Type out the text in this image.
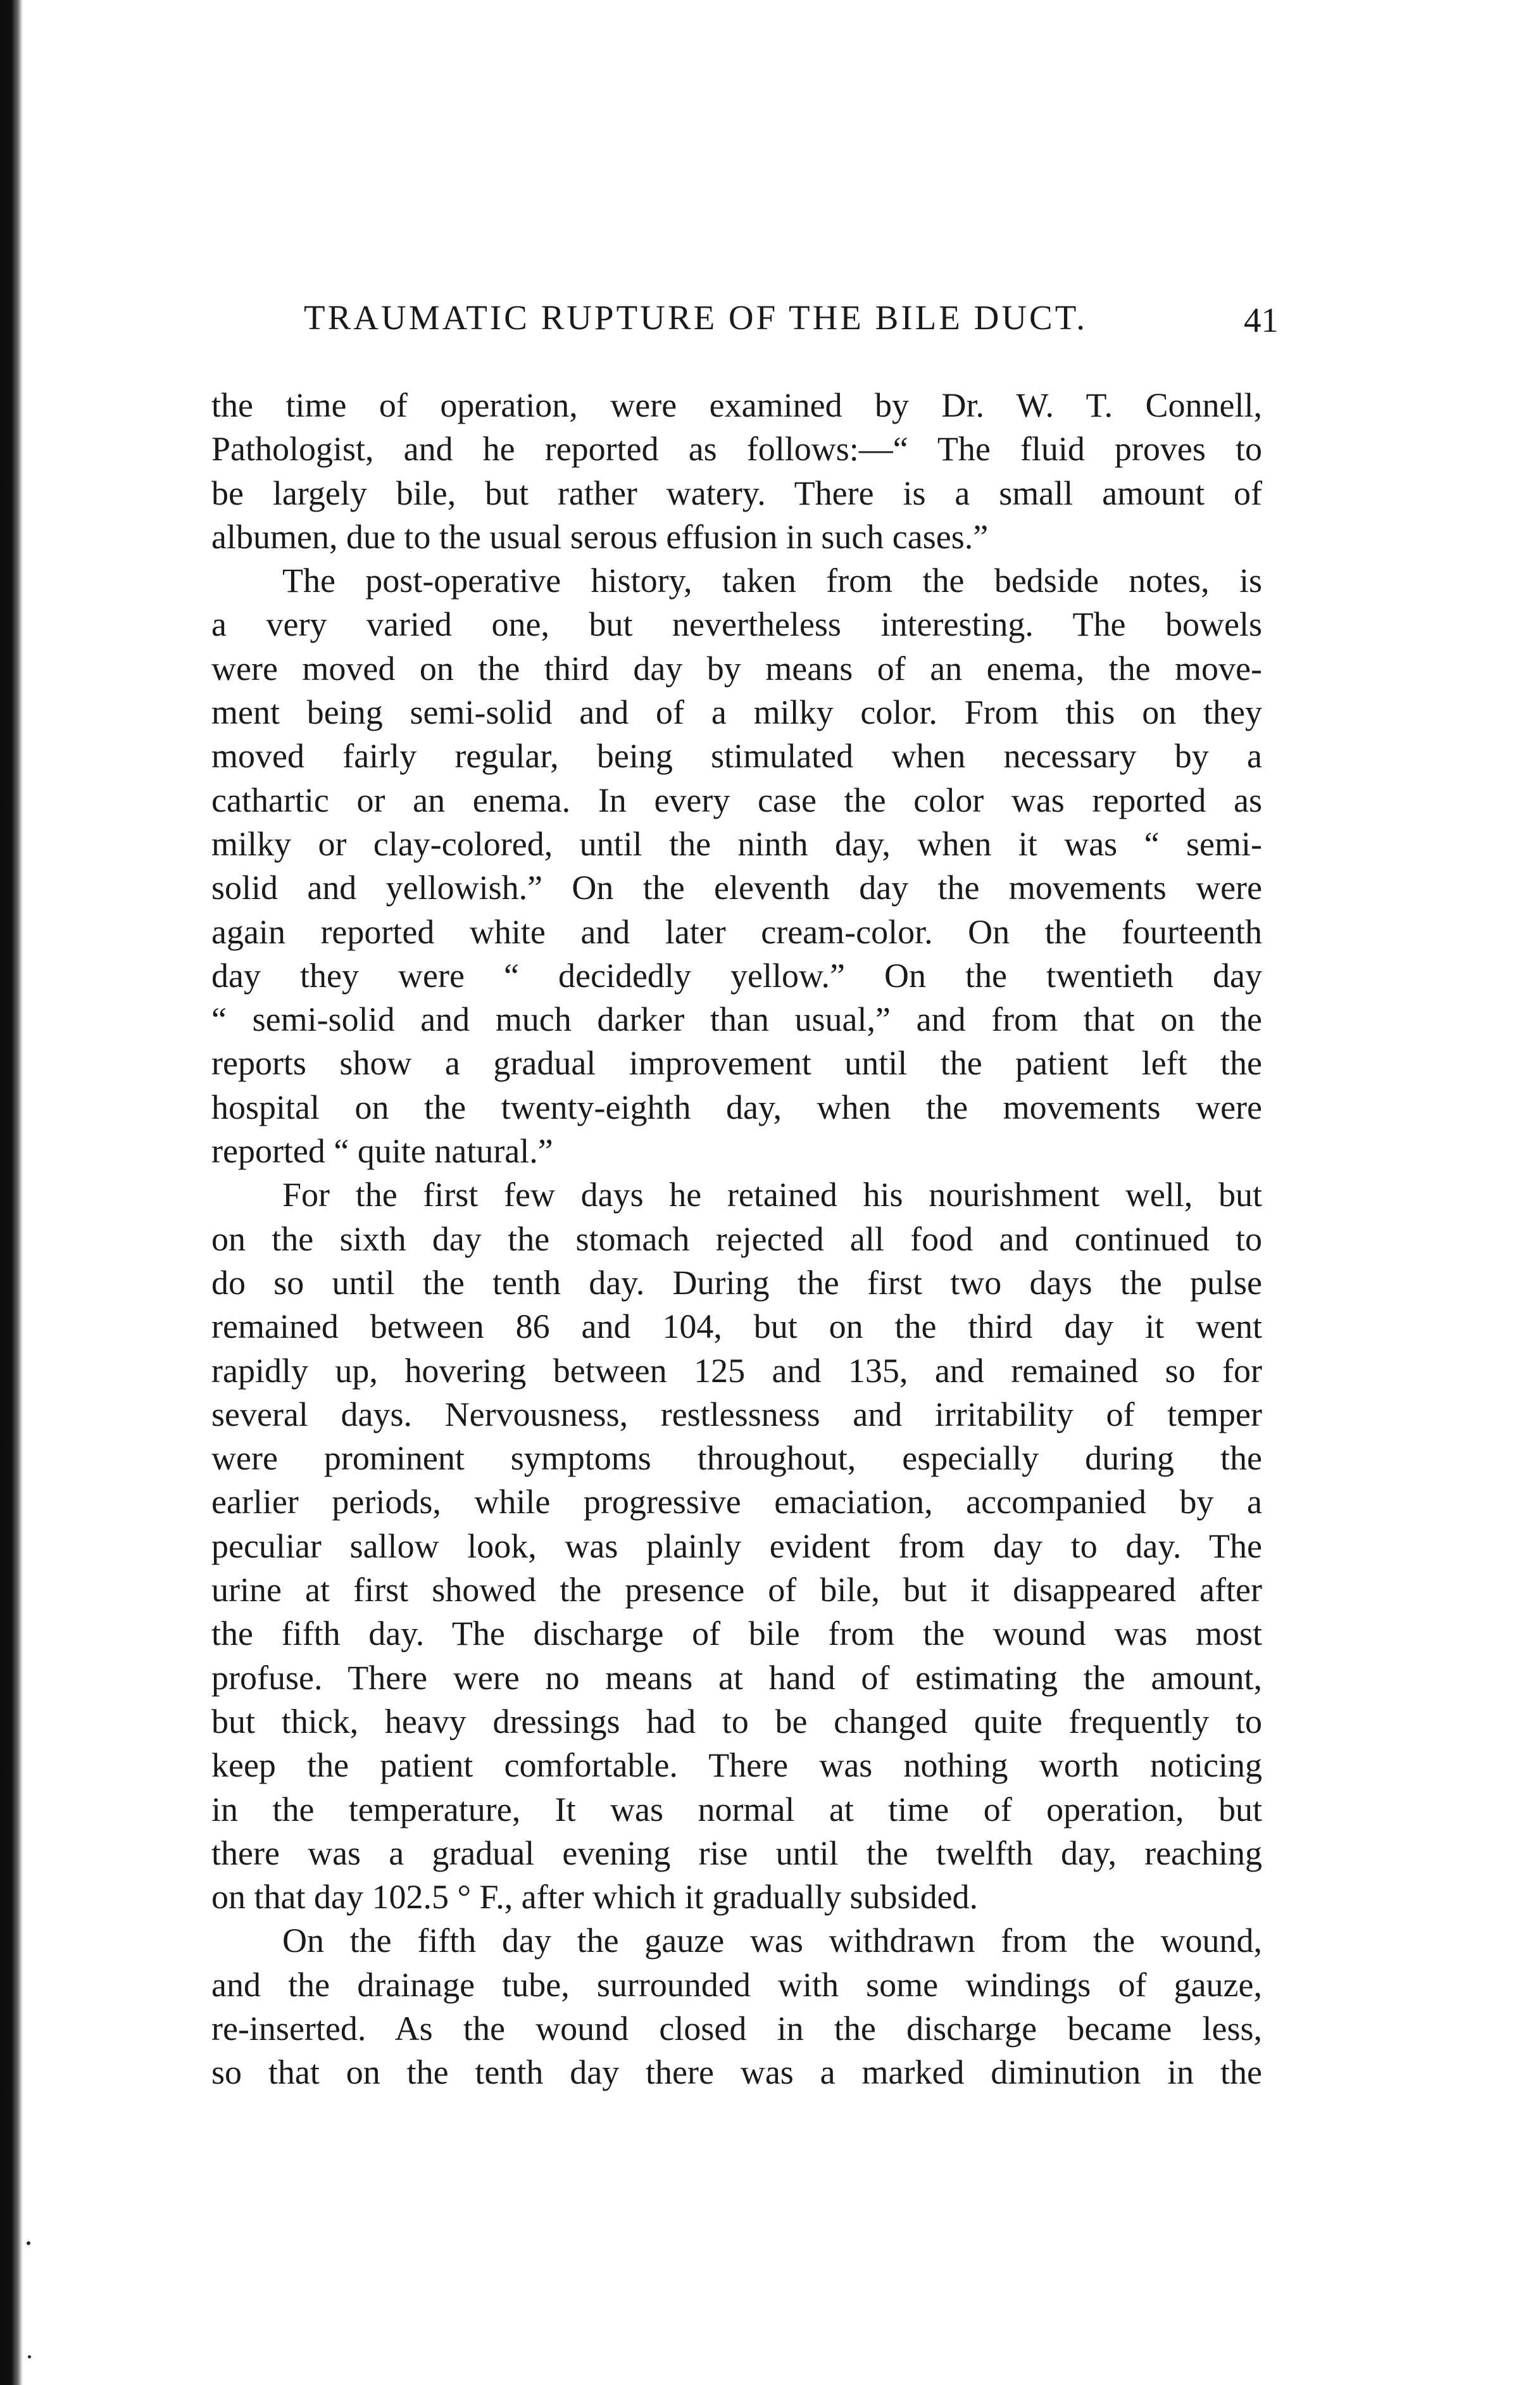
TRAUMATIC RUPTURE OF THE BILE DUCT.	41
the time of operation, were examined by Dr. W. T. Connell,
Pathologist, and he reported as follows:—“ The fluid proves to
be largely bile, but rather watery. There is a small amount of
albumen, due to the usual serous effusion in such cases.”
The post-operative history, taken from the bedside notes, is
a very varied one, but nevertheless interesting. The bowels
were moved on the third day by means of an enema, the move-
ment being semi-solid and of a milky color. From this on they
moved fairly regular, being stimulated when necessary by a
cathartic or an enema. In every case the color was reported as
milky or clay-colored, until the ninth day, when it was “ semi-
solid and yellowish.” On the eleventh day the movements were
again reported white and later cream-color. On the fourteenth
day they were “ decidedly yellow.” On the twentieth day
“ semi-solid and much darker than usual,” and from that on the
reports show a gradual improvement until the patient left the
hospital on the twenty-eighth day, when the movements were
reported “ quite natural.”
For the first few days he retained his nourishment well, but
on the sixth day the stomach rejected all food and continued to
do so until the tenth day. During the first two days the pulse
remained between 86 and 104, but on the third day it went
rapidly up, hovering between 125 and 135, and remained so for
several days. Nervousness, restlessness and irritability of temper
were prominent symptoms throughout, especially during the
earlier periods, while progressive emaciation, accompanied by a
peculiar sallow look, was plainly evident from day to day. The
urine at first showed the presence of bile, but it disappeared after
the fifth day. The discharge of bile from the wound was most
profuse. There were no means at hand of estimating the amount,
but thick, heavy dressings had to be changed quite frequently to
keep the patient comfortable. There was nothing worth noticing
in the temperature, It was normal at time of operation, but
there was a gradual evening rise until the twelfth day, reaching
on that day 102.5 ° F., after which it gradually subsided.
On the fifth day the gauze was withdrawn from the wound,
and the drainage tube, surrounded with some windings of gauze,
re-inserted. As the wound closed in the discharge became less,
so that on the tenth day there was a marked diminution in the
